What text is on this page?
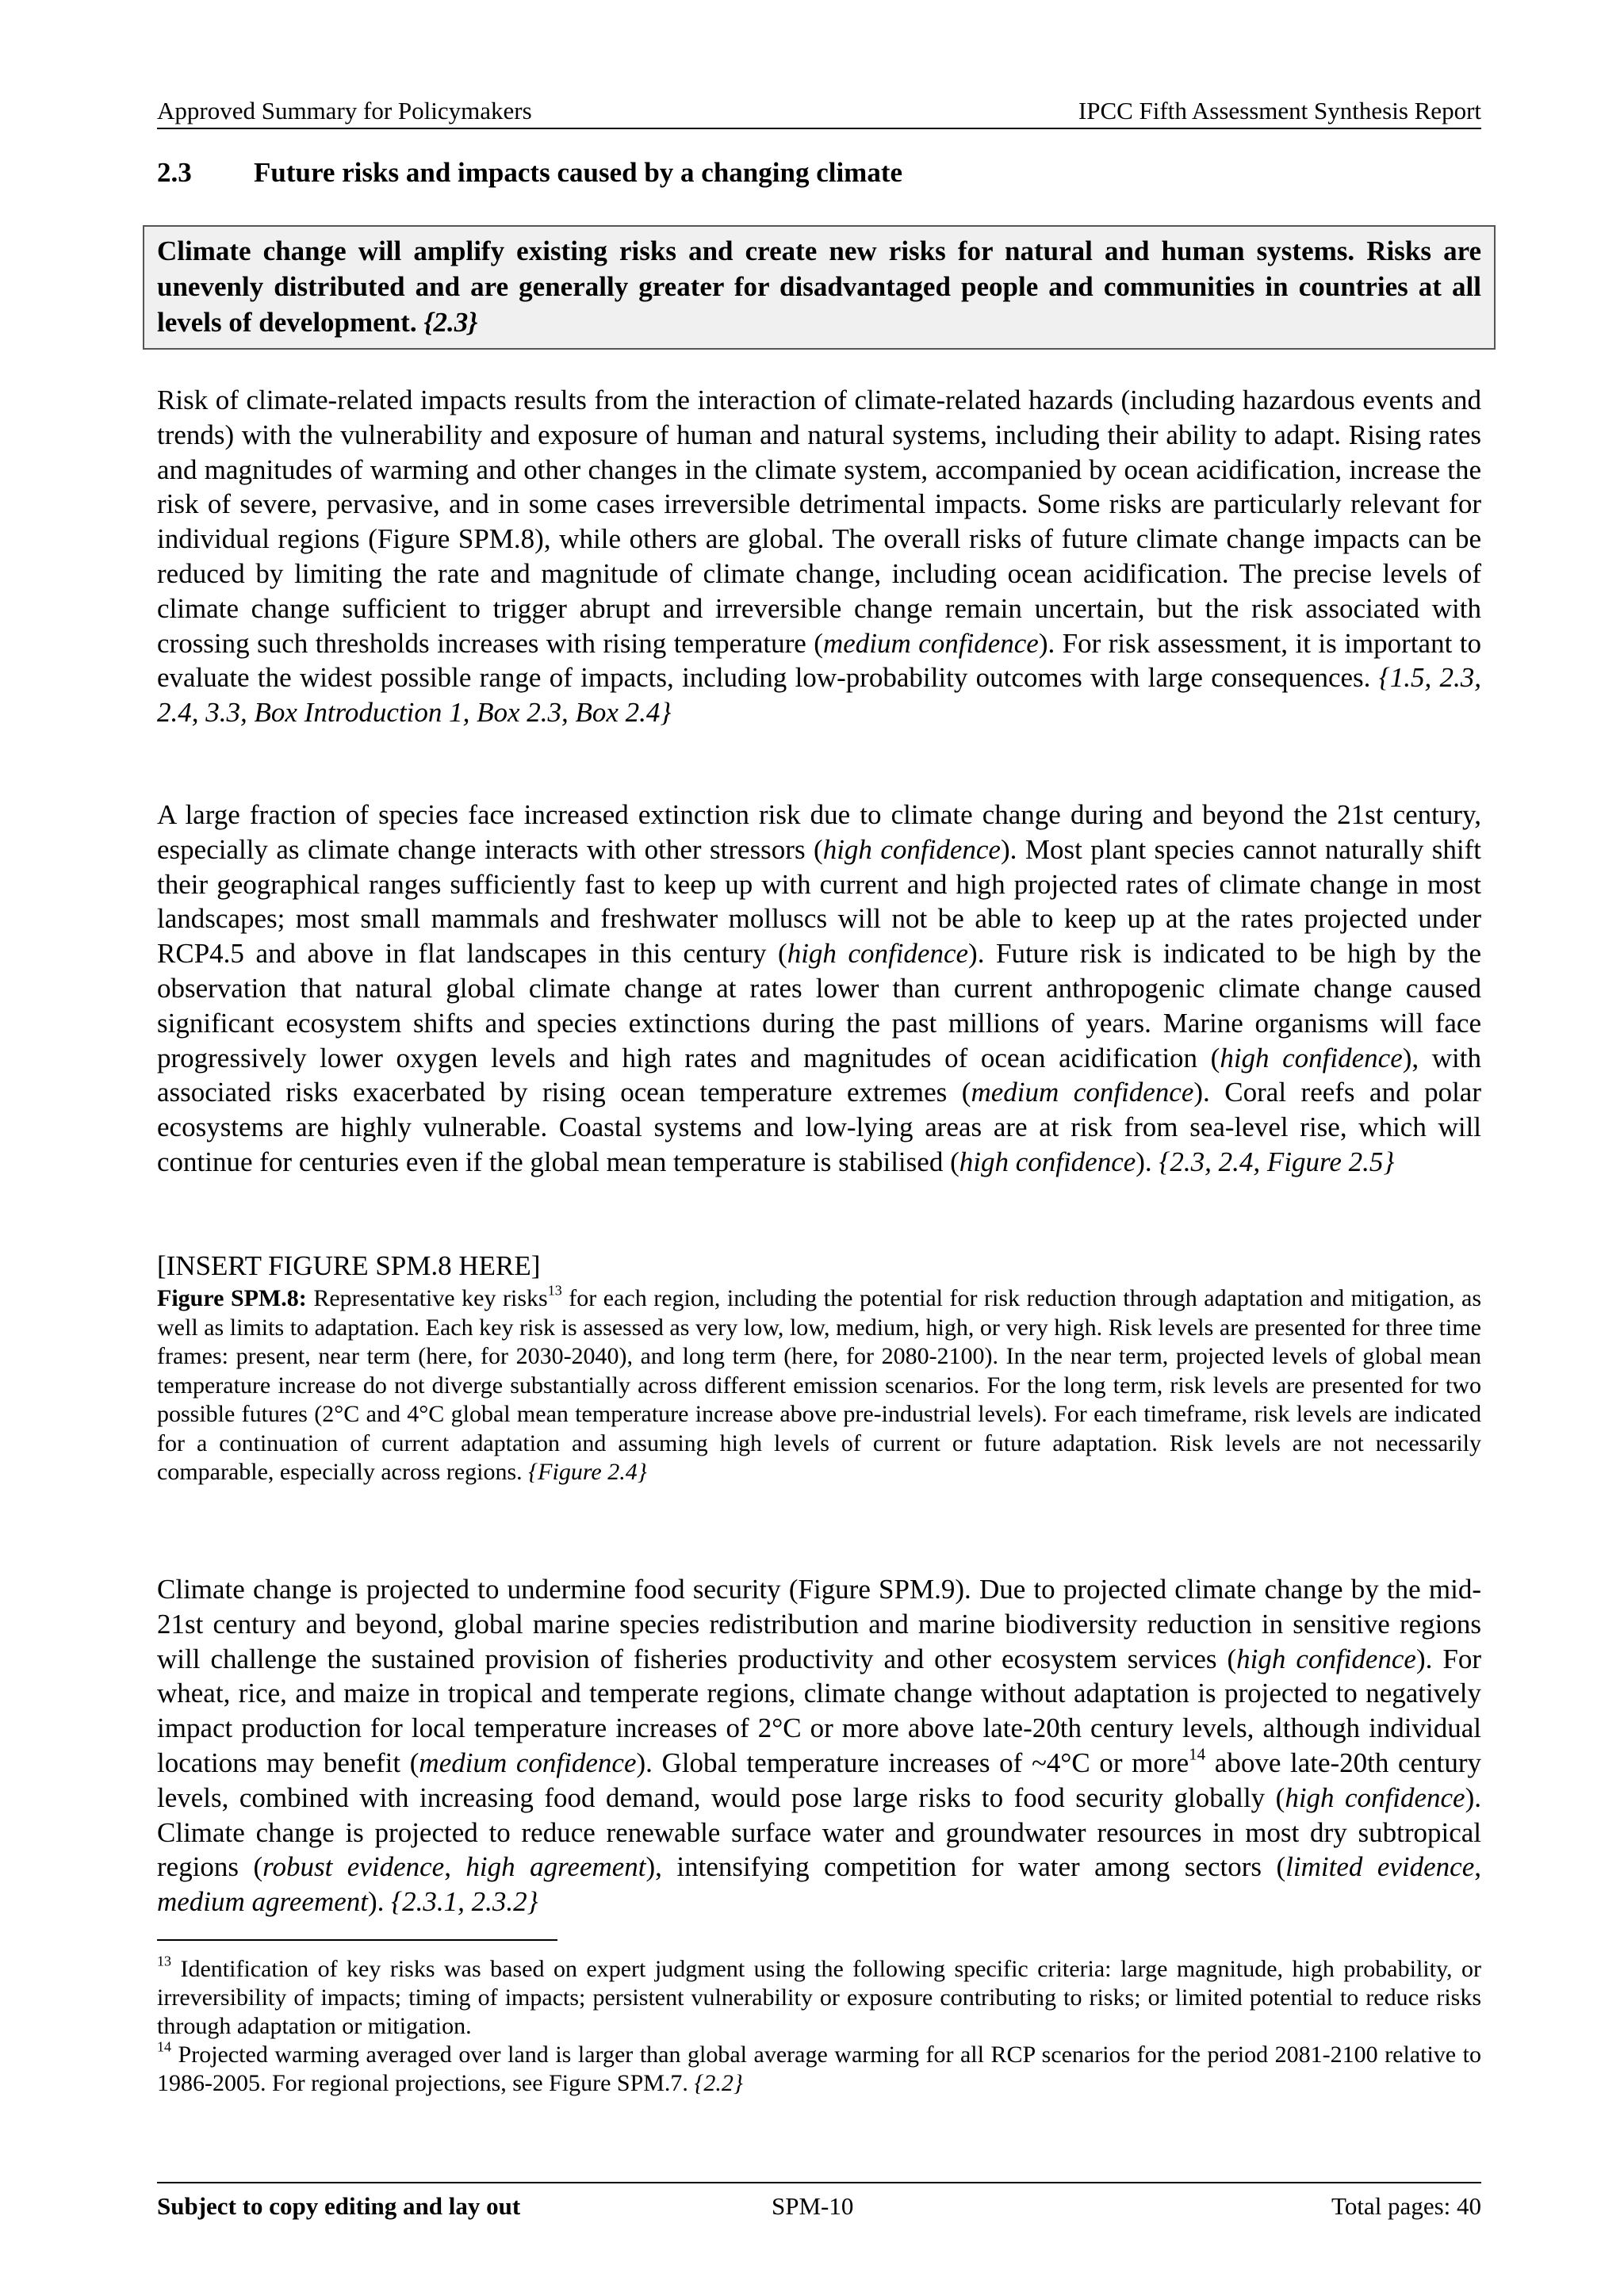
Approved Summary for Policymakers	IPCC Fifth Assessment Synthesis Report
2.3 Future risks and impacts caused by a changing climate
Climate change will amplify existing risks and create new risks for natural and human systems. Risks are unevenly distributed and are generally greater for disadvantaged people and communities in countries at all levels of development. {2.3}

Risk of climate-related impacts results from the interaction of climate-related hazards (including hazardous events and trends) with the vulnerability and exposure of human and natural systems, including their ability to adapt. Rising rates and magnitudes of warming and other changes in the climate system, accompanied by ocean acidification, increase the risk of severe, pervasive, and in some cases irreversible detrimental impacts. Some risks are particularly relevant for individual regions (Figure SPM.8), while others are global. The overall risks of future climate change impacts can be reduced by limiting the rate and magnitude of climate change, including ocean acidification. The precise levels of climate change sufficient to trigger abrupt and irreversible change remain uncertain, but the risk associated with crossing such thresholds increases with rising temperature (medium confidence). For risk assessment, it is important to evaluate the widest possible range of impacts, including low-probability outcomes with large consequences. {1.5, 2.3, 2.4, 3.3, Box Introduction 1, Box 2.3, Box 2.4}

A large fraction of species face increased extinction risk due to climate change during and beyond the 21st century, especially as climate change interacts with other stressors (high confidence). Most plant species cannot naturally shift their geographical ranges sufficiently fast to keep up with current and high projected rates of climate change in most landscapes; most small mammals and freshwater molluscs will not be able to keep up at the rates projected under RCP4.5 and above in flat landscapes in this century (high confidence). Future risk is indicated to be high by the observation that natural global climate change at rates lower than current anthropogenic climate change caused significant ecosystem shifts and species extinctions during the past millions of years. Marine organisms will face progressively lower oxygen levels and high rates and magnitudes of ocean acidification (high confidence), with associated risks exacerbated by rising ocean temperature extremes (medium confidence). Coral reefs and polar ecosystems are highly vulnerable. Coastal systems and low-lying areas are at risk from sea-level rise, which will continue for centuries even if the global mean temperature is stabilised (high confidence). {2.3, 2.4, Figure 2.5}

[INSERT FIGURE SPM.8 HERE]

Figure SPM.8: Representative key risks$^{13}$ for each region, including the potential for risk reduction through adaptation and mitigation, as well as limits to adaptation. Each key risk is assessed as very low, low, medium, high, or very high. Risk levels are presented for three time frames: present, near term (here, for 2030-2040), and long term (here, for 2080-2100). In the near term, projected levels of global mean temperature increase do not diverge substantially across different emission scenarios. For the long term, risk levels are presented for two possible futures (2°C and 4°C global mean temperature increase above pre-industrial levels). For each timeframe, risk levels are indicated for a continuation of current adaptation and assuming high levels of current or future adaptation. Risk levels are not necessarily comparable, especially across regions. {Figure 2.4}

Climate change is projected to undermine food security (Figure SPM.9). Due to projected climate change by the mid-21st century and beyond, global marine species redistribution and marine biodiversity reduction in sensitive regions will challenge the sustained provision of fisheries productivity and other ecosystem services (high confidence). For wheat, rice, and maize in tropical and temperate regions, climate change without adaptation is projected to negatively impact production for local temperature increases of 2°C or more above late-20th century levels, although individual locations may benefit (medium confidence). Global temperature increases of ~4°C or more$^{14}$ above late-20th century levels, combined with increasing food demand, would pose large risks to food security globally (high confidence). Climate change is projected to reduce renewable surface water and groundwater resources in most dry subtropical regions (robust evidence, high agreement), intensifying competition for water among sectors (limited evidence, medium agreement). {2.3.1, 2.3.2}

$^{13}$ Identification of key risks was based on expert judgment using the following specific criteria: large magnitude, high probability, or irreversibility of impacts; timing of impacts; persistent vulnerability or exposure contributing to risks; or limited potential to reduce risks through adaptation or mitigation.

$^{14}$ Projected warming averaged over land is larger than global average warming for all RCP scenarios for the period 2081-2100 relative to 1986-2005. For regional projections, see Figure SPM.7. {2.2}

Subject to copy editing and lay out	SPM-10	Total pages: 40
